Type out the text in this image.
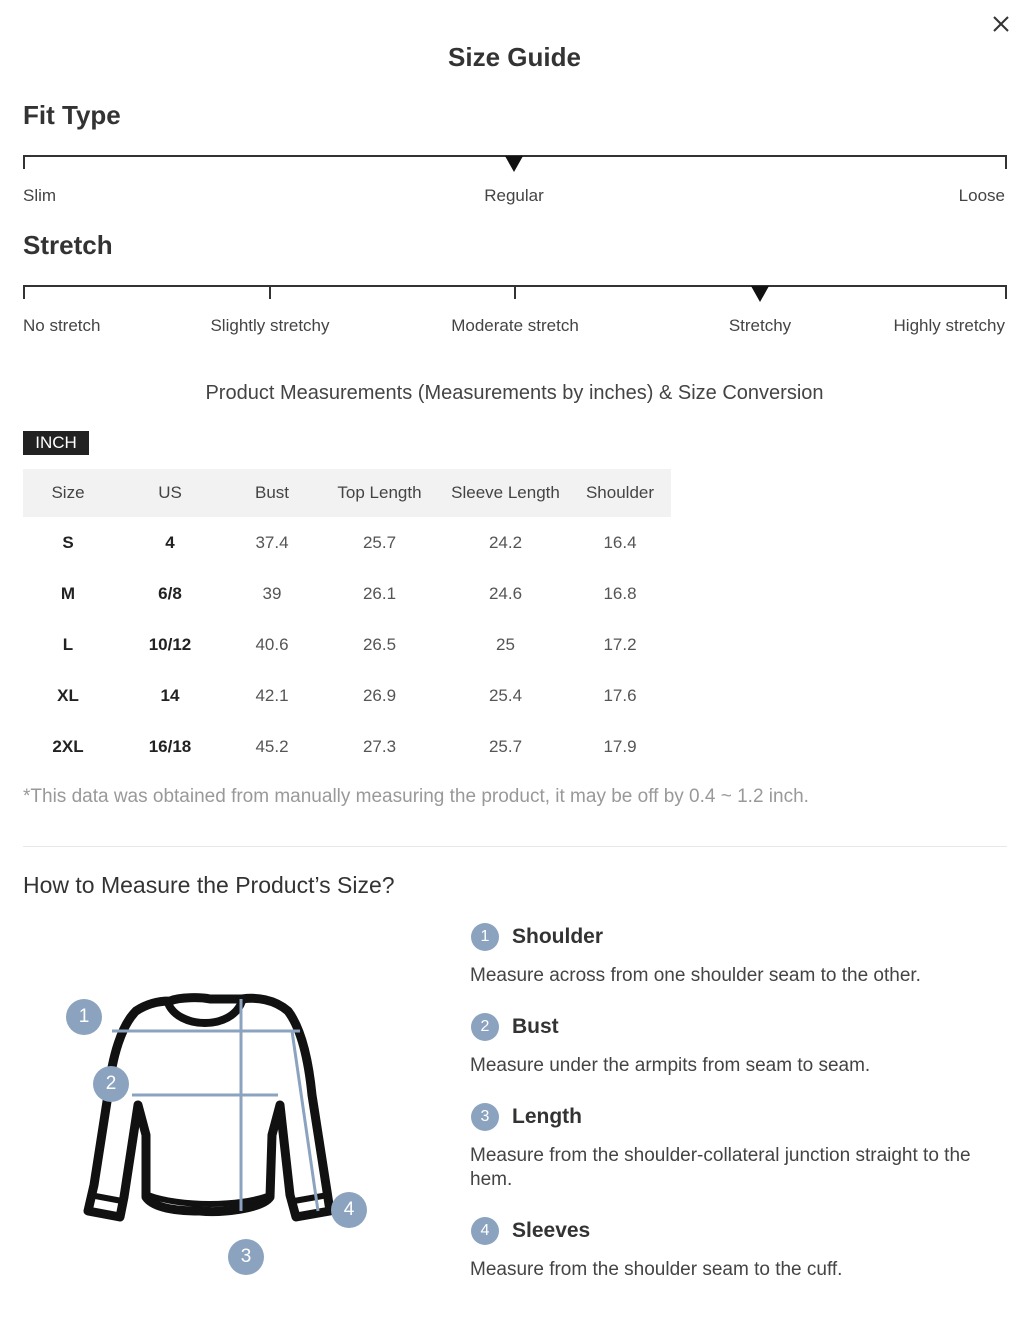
Size Guide
Fit Type
Slim	Regular	Loose
Stretch
No stretch	Slightly stretchy	Moderate stretch	Stretchy	Highly stretchy
Product Measurements (Measurements by inches) & Size Conversion
INCH
Size	US	Bust	Top Length	Sleeve Length	Shoulder
S	4	37.4	25.7	24.2	16.4
M	6/8	39	26.1	24.6	16.8
L	10/12	40.6	26.5	25	17.2
XL	14	42.1	26.9	25.4	17.6
2XL	16/18	45.2	27.3	25.7	17.9
*This data was obtained from manually measuring the product, it may be off by 0.4 ~ 1.2 inch.
How to Measure the Product’s Size?
1
2
3
4
1	Shoulder
Measure across from one shoulder seam to the other.
2	Bust
Measure under the armpits from seam to seam.
3	Length
Measure from the shoulder-collateral junction straight to the hem.
4	Sleeves
Measure from the shoulder seam to the cuff.
